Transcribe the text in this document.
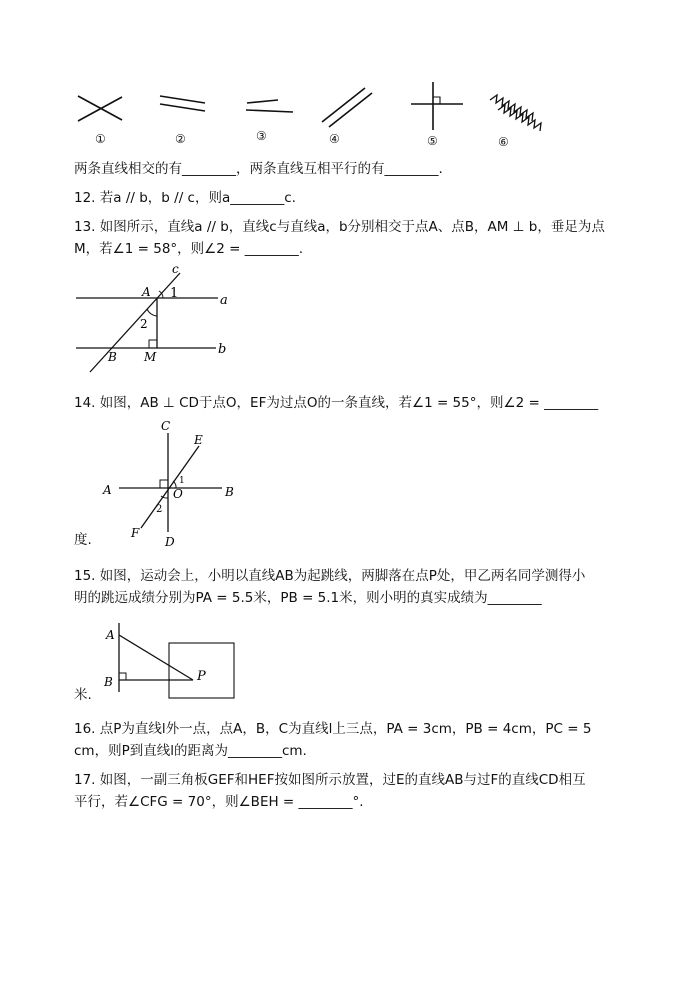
①	②	③	④	⑤	⑥
两条直线相交的有________，两条直线互相平行的有________.
12. 若a // b，b // c，则a________c.
13. 如图所示，直线a // b，直线c与直线a，b分别相交于点A、点B，AM ⊥ b，垂足为点
M，若∠1 = 58°，则∠2 = ________.
c
a
b
A
B M
1
2
14. 如图，AB ⊥ CD于点O，EF为过点O的一条直线，若∠1 = 55°，则∠2 = ________
C
E
A	B
O
1
2
F
D
度.
15. 如图，运动会上，小明以直线AB为起跳线，两脚落在点P处，甲乙两名同学测得小
明的跳远成绩分别为PA = 5.5米，PB = 5.1米，则小明的真实成绩为________
A
B	P
米.
16. 点P为直线l外一点，点A，B，C为直线l上三点，PA = 3cm，PB = 4cm，PC = 5
cm，则P到直线l的距离为________cm.
17. 如图，一副三角板GEF和HEF按如图所示放置，过E的直线AB与过F的直线CD相互
平行，若∠CFG = 70°，则∠BEH = ________°.
